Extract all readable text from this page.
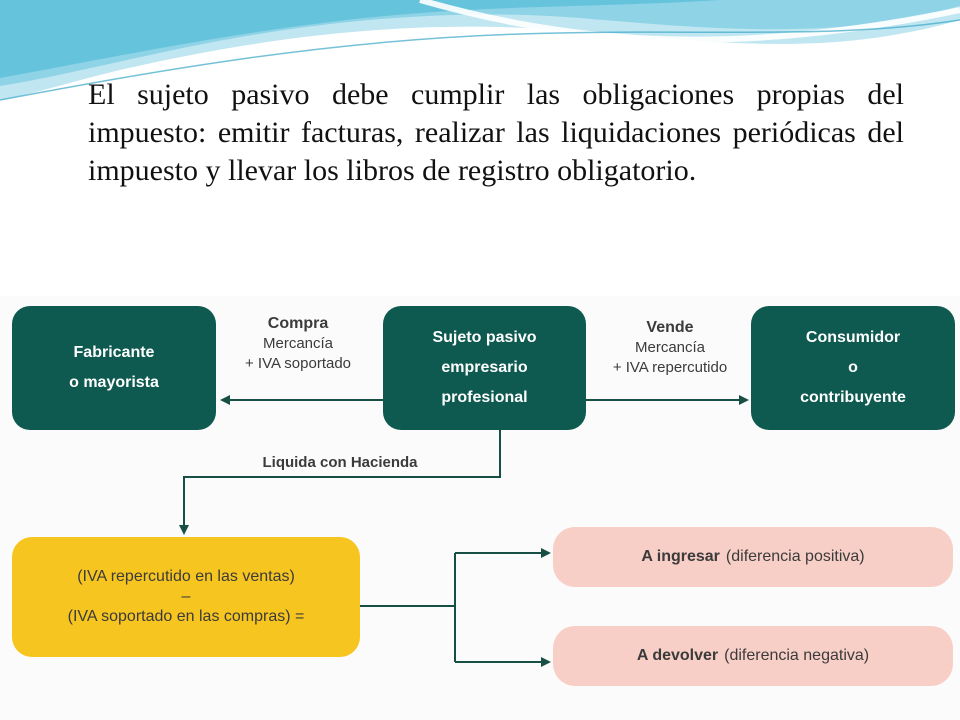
El sujeto pasivo debe cumplir las obligaciones propias del impuesto: emitir facturas, realizar las liquidaciones periódicas del impuesto y llevar los libros de registro obligatorio.

Fabricante
o mayorista
Sujeto pasivo
empresario
profesional
Consumidor
o
contribuyente
Compra
Mercancía
+ IVA soportado
Vende
Mercancía
+ IVA repercutido
Liquida con Hacienda
(IVA repercutido en las ventas)
–
(IVA soportado en las compras) =
A ingresar (diferencia positiva)
A devolver (diferencia negativa)
